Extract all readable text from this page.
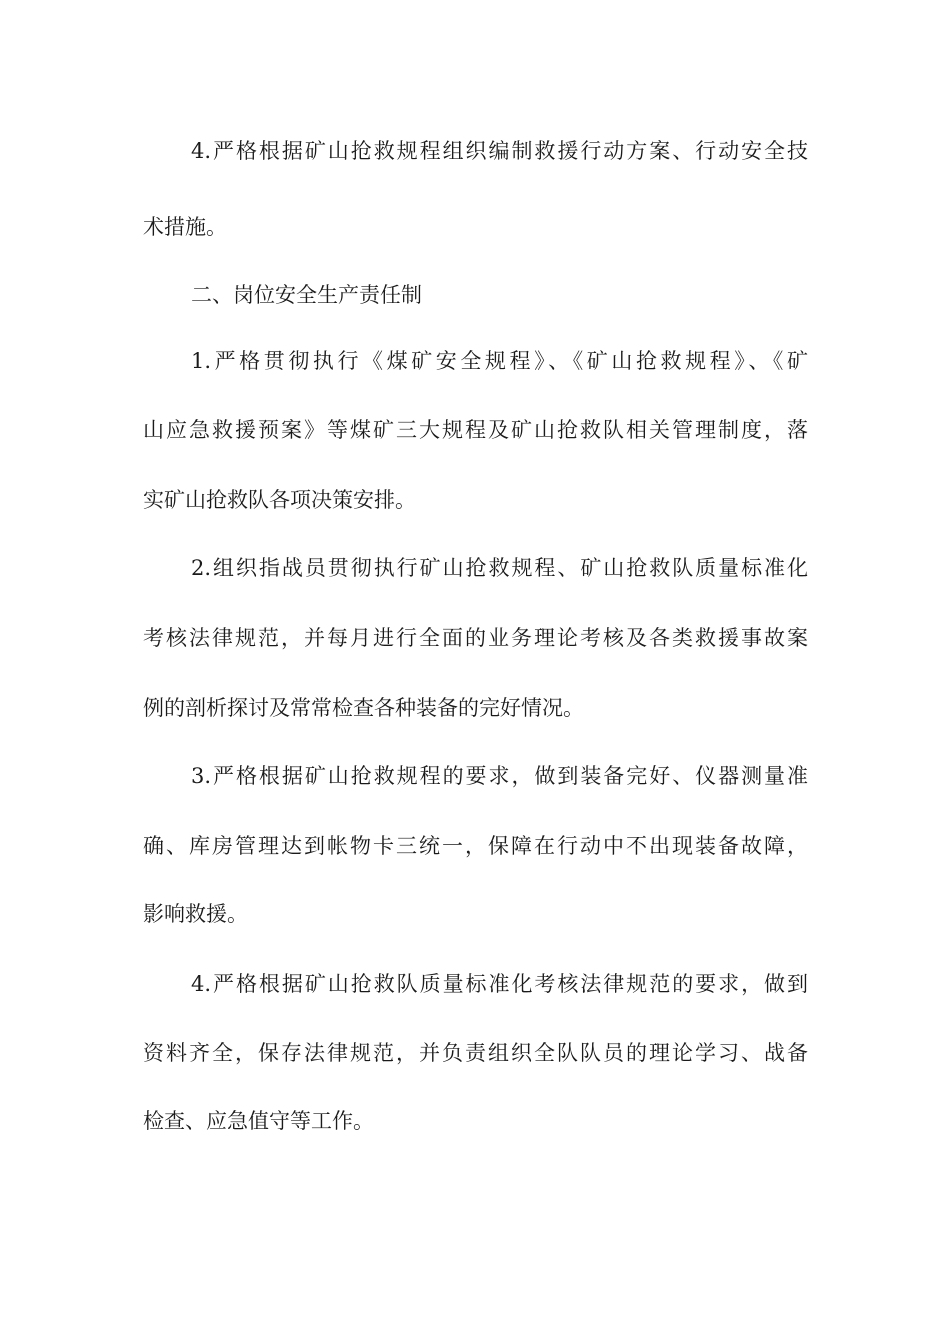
4.严格根据矿山抢救规程组织编制救援行动方案、行动安全技
术措施。
二、岗位安全生产责任制
1.严格贯彻执行《煤矿安全规程》、《矿山抢救规程》、《矿
山应急救援预案》等煤矿三大规程及矿山抢救队相关管理制度，落
实矿山抢救队各项决策安排。
2.组织指战员贯彻执行矿山抢救规程、矿山抢救队质量标准化
考核法律规范，并每月进行全面的业务理论考核及各类救援事故案
例的剖析探讨及常常检查各种装备的完好情况。
3.严格根据矿山抢救规程的要求，做到装备完好、仪器测量准
确、库房管理达到帐物卡三统一，保障在行动中不出现装备故障，
影响救援。
4.严格根据矿山抢救队质量标准化考核法律规范的要求，做到
资料齐全，保存法律规范，并负责组织全队队员的理论学习、战备
检查、应急值守等工作。
